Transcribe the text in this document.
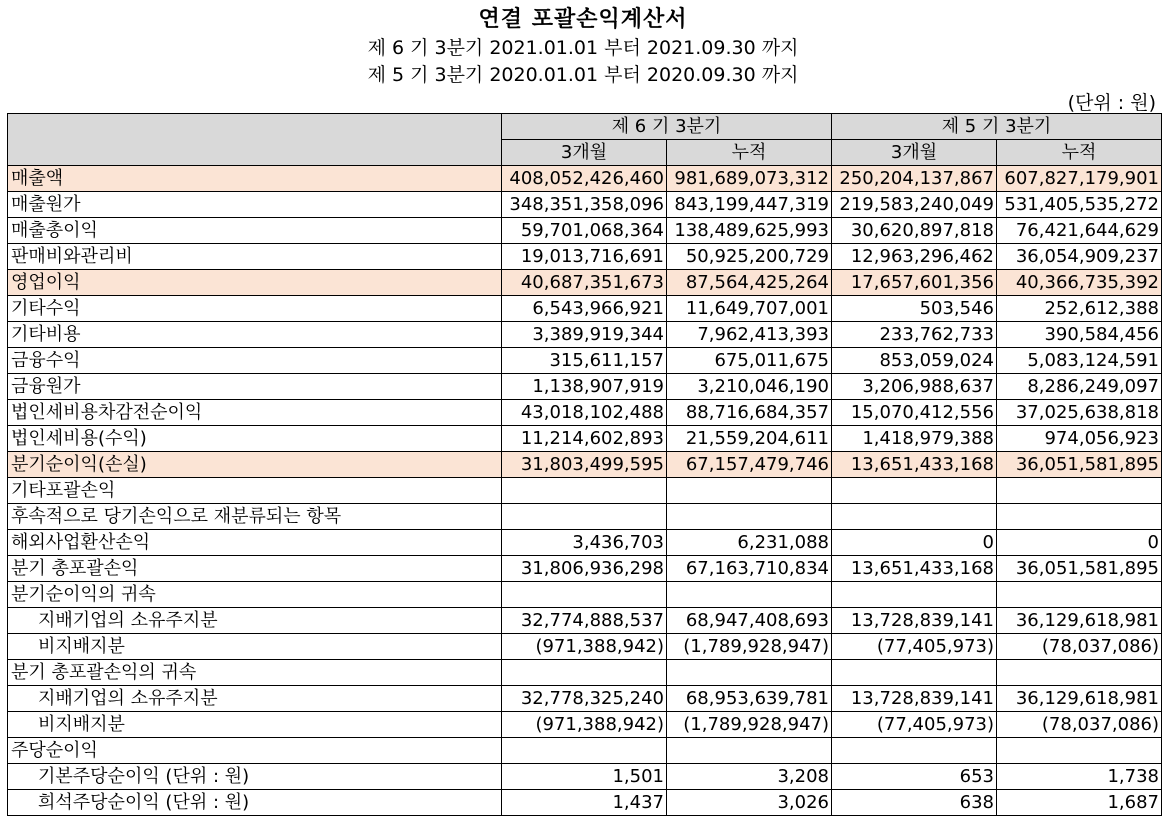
연결 포괄손익계산서
제 6 기 3분기 2021.01.01 부터 2021.09.30 까지
제 5 기 3분기 2020.01.01 부터 2020.09.30 까지
(단위 : 원)
	제 6 기 3분기		제 5 기 3분기	
	3개월	누적	3개월	누적
매출액	408,052,426,460	981,689,073,312	250,204,137,867	607,827,179,901
매출원가	348,351,358,096	843,199,447,319	219,583,240,049	531,405,535,272
매출총이익	59,701,068,364	138,489,625,993	30,620,897,818	76,421,644,629
판매비와관리비	19,013,716,691	50,925,200,729	12,963,296,462	36,054,909,237
영업이익	40,687,351,673	87,564,425,264	17,657,601,356	40,366,735,392
기타수익	6,543,966,921	11,649,707,001	503,546	252,612,388
기타비용	3,389,919,344	7,962,413,393	233,762,733	390,584,456
금융수익	315,611,157	675,011,675	853,059,024	5,083,124,591
금융원가	1,138,907,919	3,210,046,190	3,206,988,637	8,286,249,097
법인세비용차감전순이익	43,018,102,488	88,716,684,357	15,070,412,556	37,025,638,818
법인세비용(수익)	11,214,602,893	21,559,204,611	1,418,979,388	974,056,923
분기순이익(손실)	31,803,499,595	67,157,479,746	13,651,433,168	36,051,581,895
기타포괄손익				
후속적으로 당기손익으로 재분류되는 항목				
해외사업환산손익	3,436,703	6,231,088	0	0
분기 총포괄손익	31,806,936,298	67,163,710,834	13,651,433,168	36,051,581,895
분기순이익의 귀속				
지배기업의 소유주지분	32,774,888,537	68,947,408,693	13,728,839,141	36,129,618,981
비지배지분	(971,388,942)	(1,789,928,947)	(77,405,973)	(78,037,086)
분기 총포괄손익의 귀속				
지배기업의 소유주지분	32,778,325,240	68,953,639,781	13,728,839,141	36,129,618,981
비지배지분	(971,388,942)	(1,789,928,947)	(77,405,973)	(78,037,086)
주당순이익				
기본주당순이익 (단위 : 원)	1,501	3,208	653	1,738
희석주당순이익 (단위 : 원)	1,437	3,026	638	1,687
